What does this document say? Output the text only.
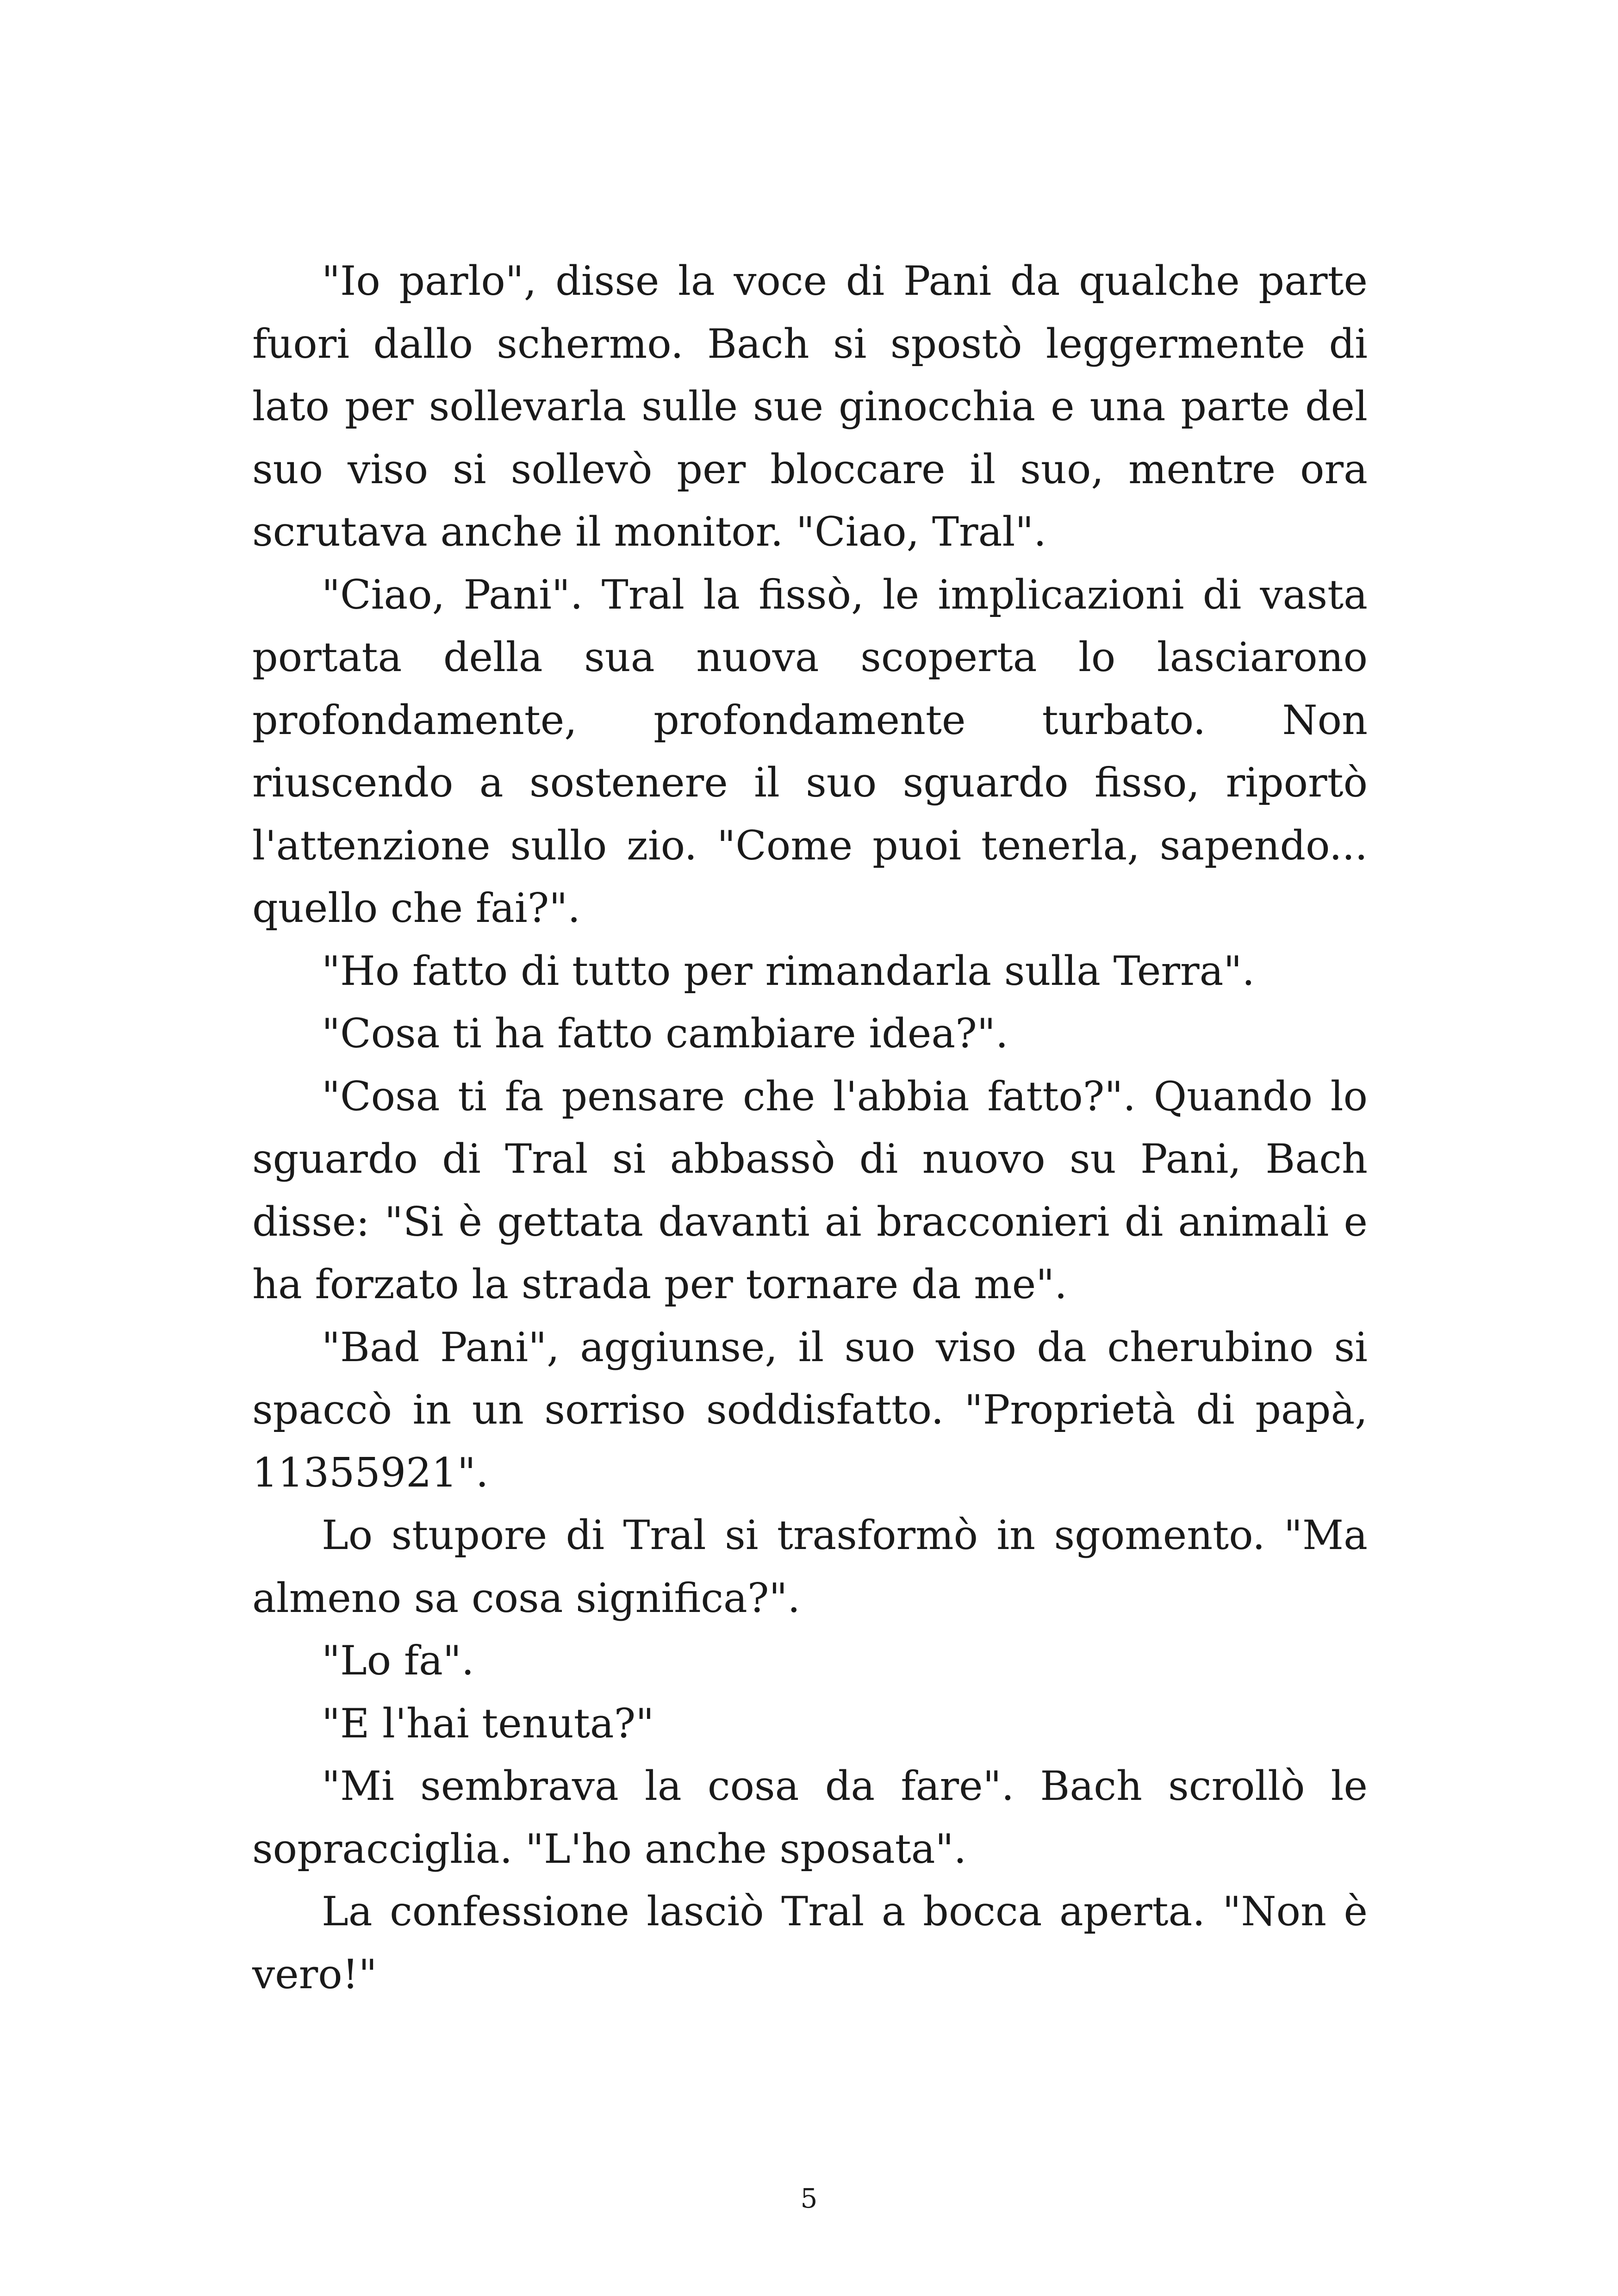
"Io parlo", disse la voce di Pani da qualche parte fuori dallo schermo. Bach si spostò leggermente di lato per sollevarla sulle sue ginocchia e una parte del suo viso si sollevò per bloccare il suo, mentre ora scrutava anche il monitor. "Ciao, Tral".

"Ciao, Pani". Tral la fissò, le implicazioni di vasta portata della sua nuova scoperta lo lasciarono profondamente, profondamente turbato. Non riuscendo a sostenere il suo sguardo fisso, riportò l'attenzione sullo zio. "Come puoi tenerla, sapendo... quello che fai?".

"Ho fatto di tutto per rimandarla sulla Terra".

"Cosa ti ha fatto cambiare idea?".

"Cosa ti fa pensare che l'abbia fatto?". Quando lo sguardo di Tral si abbassò di nuovo su Pani, Bach disse: "Si è gettata davanti ai bracconieri di animali e ha forzato la strada per tornare da me".

"Bad Pani", aggiunse, il suo viso da cherubino si spaccò in un sorriso soddisfatto. "Proprietà di papà, 11355921".

Lo stupore di Tral si trasformò in sgomento. "Ma almeno sa cosa significa?".

"Lo fa".

"E l'hai tenuta?"

"Mi sembrava la cosa da fare". Bach scrollò le sopracciglia. "L'ho anche sposata".

La confessione lasciò Tral a bocca aperta. "Non è vero!"

5
